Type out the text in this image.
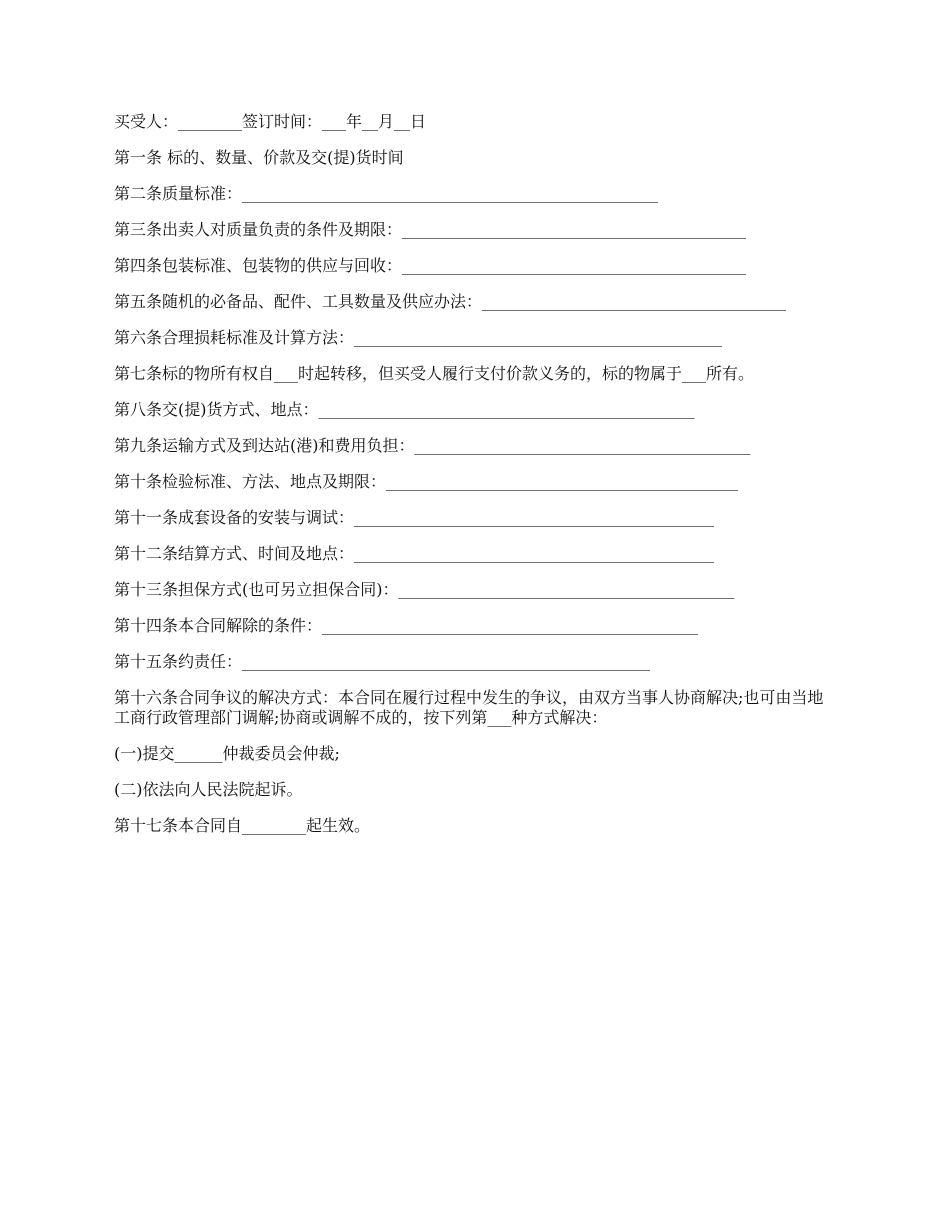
买受人：________签订时间：___年__月__日

第一条 标的、数量、价款及交(提)货时间

第二条质量标准：____________________________________________________

第三条出卖人对质量负责的条件及期限：___________________________________________

第四条包装标准、包装物的供应与回收：___________________________________________

第五条随机的必备品、配件、工具数量及供应办法：______________________________________

第六条合理损耗标准及计算方法：______________________________________________

第七条标的物所有权自___时起转移，但买受人履行支付价款义务的，标的物属于___所有。

第八条交(提)货方式、地点：_______________________________________________

第九条运输方式及到达站(港)和费用负担：__________________________________________

第十条检验标准、方法、地点及期限：____________________________________________

第十一条成套设备的安装与调试：_____________________________________________

第十二条结算方式、时间及地点：_____________________________________________

第十三条担保方式(也可另立担保合同)：__________________________________________

第十四条本合同解除的条件：_______________________________________________

第十五条约责任：___________________________________________________

第十六条合同争议的解决方式：本合同在履行过程中发生的争议，由双方当事人协商解决;也可由当地工商行政管理部门调解;协商或调解不成的，按下列第___种方式解决：

(一)提交______仲裁委员会仲裁;

(二)依法向人民法院起诉。

第十七条本合同自________起生效。
